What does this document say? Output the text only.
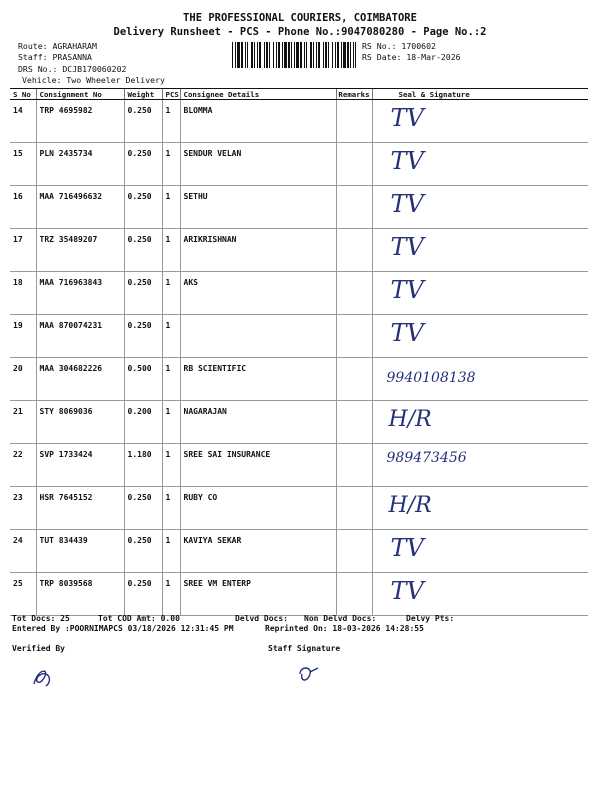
THE PROFESSIONAL COURIERS, COIMBATORE
Delivery Runsheet - PCS - Phone No.:9047080280 - Page No.:2
Route: AGRAHARAM
Staff: PRASANNA
DRS No.: DCJB170060202
Vehicle: Two Wheeler Delivery
RS No.: 1700602
RS Date: 18-Mar-2026
S No	Consignment No	Weight	PCS	Consignee Details	Remarks	Seal & Signature
14	TRP 4695982	0.250	1	BLOMMA		TV

15	PLN 2435734	0.250	1	SENDUR VELAN		TV

16	MAA 716496632	0.250	1	SETHU		TV

17	TRZ 35489207	0.250	1	ARIKRISHNAN		TV

18	MAA 716963843	0.250	1	AKS		TV

19	MAA 870074231	0.250	1			TV

20	MAA 304682226	0.500	1	RB SCIENTIFIC		9940108138

21	STY 8069036	0.200	1	NAGARAJAN		H/R

22	SVP 1733424	1.180	1	SREE SAI INSURANCE		989473456

23	HSR 7645152	0.250	1	RUBY CO		H/R

24	TUT 834439	0.250	1	KAVIYA SEKAR		TV

25	TRP 8039568	0.250	1	SREE VM ENTERP		TV
Tot Docs: 25	Tot COD Amt: 0.00	Delvd Docs: Non Delvd Docs:	Delvy Pts:
Entered By :POORNIMAPCS 03/18/2026 12:31:45 PM	Reprinted On: 18-03-2026 14:28:55
Verified By	Staff Signature
